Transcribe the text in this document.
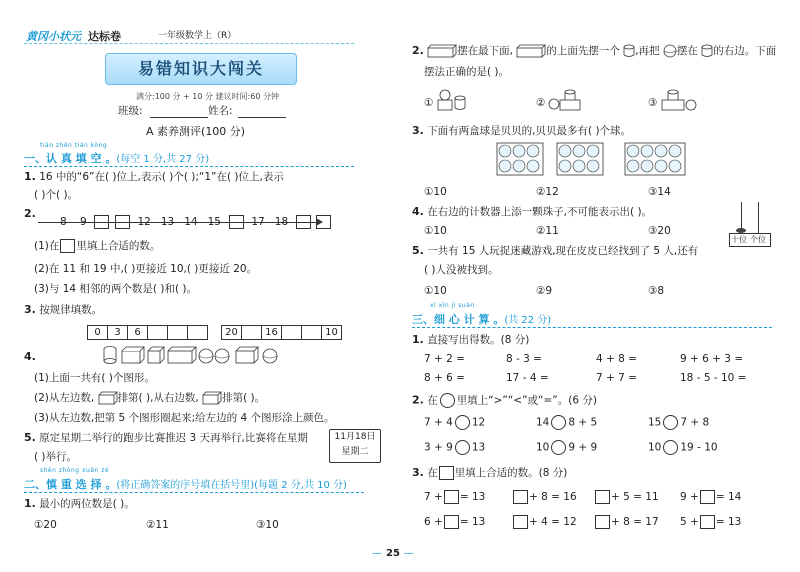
黄冈小状元 达标卷	一年级数学上（R）
易错知识大闯关
满分:100 分 + 10 分 建议时间:60 分钟
班级:	姓名:
A 素养测评(100 分)
tián zhēn tián kòng
一、认 真 填 空 。(每空 1 分,共 27 分)
1. 16 中的“6”在( )位上,表示( )个( );“1”在( )位上,表示
( )个( )。
2.
8 9	12 13 14 15	17 18
(1)在 里填上合适的数。
(2)在 11 和 19 中,( )更接近 10,( )更接近 20。
(3)与 14 相邻的两个数是( )和( )。
3. 按规律填数。
0 3 6	20	16	10
4.
(1)上面一共有( )个图形。
(2)从左边数, 排第( ),从右边数, 排第( )。
(3)从左边数,把第 5 个图形圈起来;给左边的 4 个图形涂上颜色。
5. 原定星期二举行的跑步比赛推迟 3 天再举行,比赛将在星期
( )举行。
11月18日
星期二
shèn zhòng xuǎn zé
二、慎 重 选 择 。(将正确答案的序号填在括号里)(每题 2 分,共 10 分)
1. 最小的两位数是( )。
①20	②11	③10
2.	摆在最下面,	的上面先摆一个 ,再把 摆在 的右边。下面
摆法正确的是( )。
①	②	③
3. 下面有两盒球是贝贝的,贝贝最多有( )个球。
①10	②12	③14
4. 在右边的计数器上添一颗珠子,不可能表示出( )。
十位 个位
①10	②11	③20
5. 一共有 15 人玩捉迷藏游戏,现在皮皮已经找到了 5 人,还有
( )人没被找到。
①10	②9	③8
xì xīn jì suàn
三、细 心 计 算 。(共 22 分)
1. 直接写出得数。(8 分)
7 + 2 =	8 - 3 =	4 + 8 =	9 + 6 + 3 =
8 + 6 =	17 - 4 =	7 + 7 =	18 - 5 - 10 =
2. 在 里填上“>”“<”或“=”。(6 分)
7 + 4 12	14 8 + 5	15 7 + 8
3 + 9 13	10 9 + 9	10 19 - 10
3. 在 里填上合适的数。(8 分)
7 + = 13	+ 8 = 16	+ 5 = 11 9 + = 14
6 + = 13	+ 4 = 12	+ 8 = 17 5 + = 13
— 25 —
